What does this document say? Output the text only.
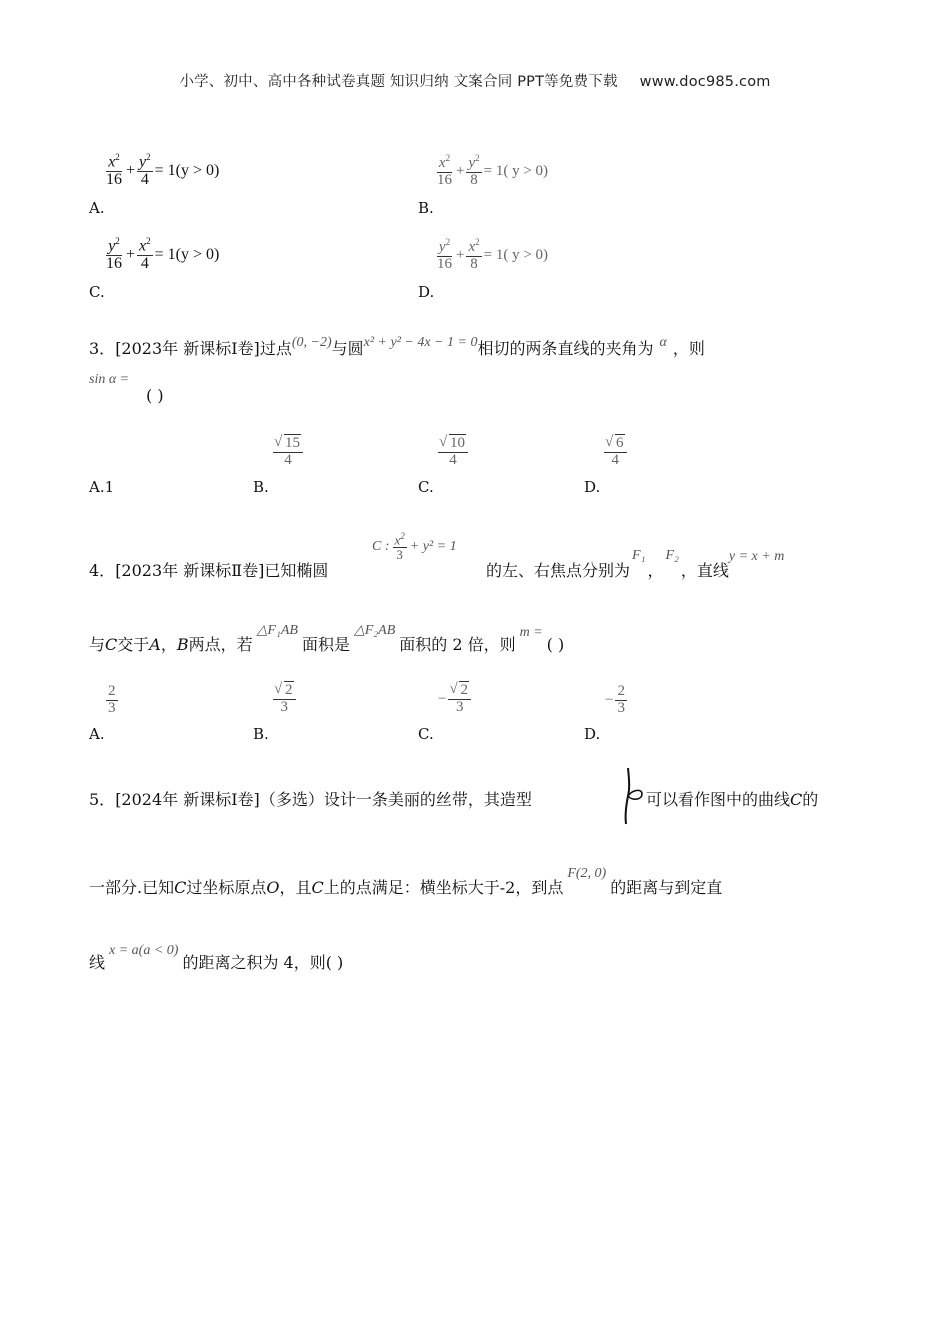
小学、初中、高中各种试卷真题 知识归纳 文案合同 PPT等免费下载 www.doc985.com
$\frac{x^2}{16} + \frac{y^2}{4} = 1(y > 0)$
A.
$\frac{x^2}{16} + \frac{y^2}{8} = 1$( y > 0)
B.
$\frac{y^2}{16} + \frac{x^2}{4} = 1(y > 0)$
C.
$\frac{y^2}{16} + \frac{x^2}{8} = 1$( y > 0)
D.
3．[2023年 新课标Ⅰ卷]过点(0, −2)与圆x² + y² − 4x − 1 = 0相切的两条直线的夹角为 α ，则
sin α =
( )
A.1
√ $\frac{15}{4}$
B.
√ $\frac{10}{4}$
C.
√ $\frac{6}{4}$
D.
C : $\frac{x^2}{3} + y^2 = 1$
4．[2023年 新课标Ⅱ卷]已知椭圆	的左、右焦点分别为F₁，F₂，直线y = x + m
与C交于A，B两点，若△F₁AB面积是△F₂AB面积的 2 倍，则m =( )
$\frac{2}{3}$
A.
√ $\frac{2}{3}$
B.
−
√ $\frac{2}{3}$
C.
− $\frac{2}{3}$
D.
5．[2024年 新课标Ⅰ卷]（多选）设计一条美丽的丝带，其造型	可以看作图中的曲线C的
一部分.已知C过坐标原点O，且C上的点满足：横坐标大于-2，到点F(2, 0)的距离与到定直
线x = a(a < 0)的距离之积为 4，则( )
